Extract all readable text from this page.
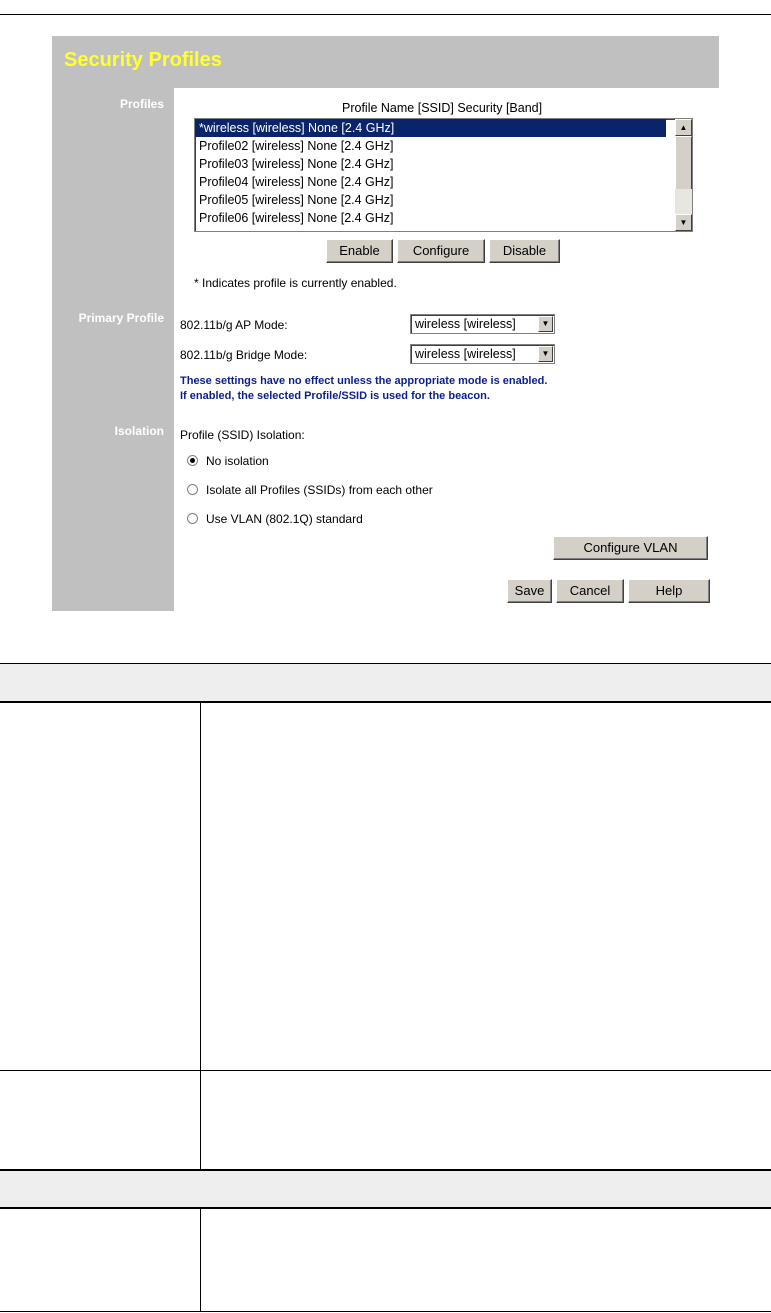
Security Profiles
Profiles
Primary Profile
Isolation
Profile Name [SSID] Security [Band]
*wireless [wireless] None [2.4 GHz]
Profile02 [wireless] None [2.4 GHz]
Profile03 [wireless] None [2.4 GHz]
Profile04 [wireless] None [2.4 GHz]
Profile05 [wireless] None [2.4 GHz]
Profile06 [wireless] None [2.4 GHz]
▲
▼
Enable	Configure	Disable
* Indicates profile is currently enabled.
802.11b/g AP Mode:	wireless [wireless]	▼
802.11b/g Bridge Mode:	wireless [wireless]	▼
These settings have no effect unless the appropriate mode is enabled.
If enabled, the selected Profile/SSID is used for the beacon.
Profile (SSID) Isolation:
No isolation
Isolate all Profiles (SSIDs) from each other
Use VLAN (802.1Q) standard
Configure VLAN
Save	Cancel	Help
